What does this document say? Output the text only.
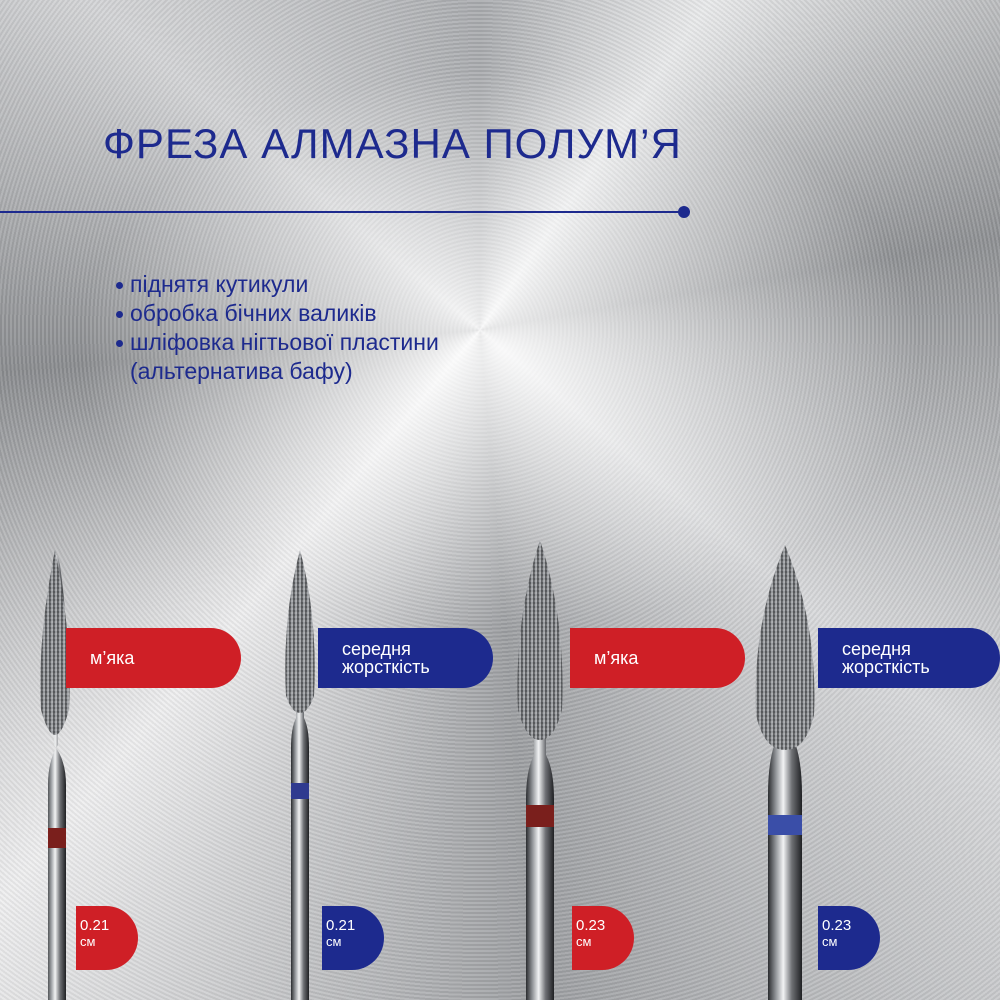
ФРЕЗА АЛМАЗНА ПОЛУМ’Я
піднятя кутикули
обробка бічних валиків
шліфовка нігтьової пластини
(альтернатива бафу)
м’яка	середня
жорсткість	м’яка	середня
жорсткість
0.21
см
0.21
см
0.23
см
0.23
см
